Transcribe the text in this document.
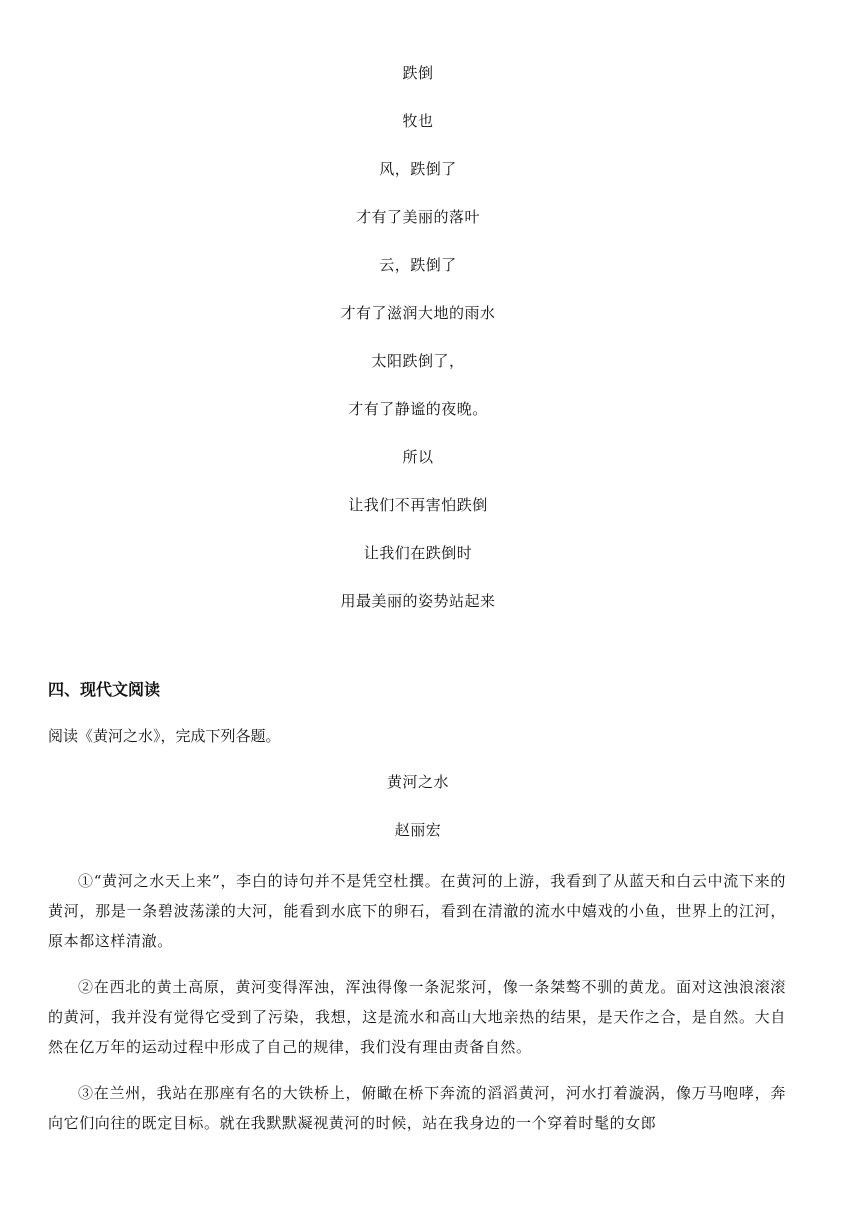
跌倒
牧也
风，跌倒了
才有了美丽的落叶
云，跌倒了
才有了滋润大地的雨水
太阳跌倒了，
才有了静谧的夜晚。
所以
让我们不再害怕跌倒
让我们在跌倒时
用最美丽的姿势站起来
四、现代文阅读
阅读《黄河之水》，完成下列各题。
黄河之水
赵丽宏

①“黄河之水天上来”，李白的诗句并不是凭空杜撰。在黄河的上游，我看到了从蓝天和白云中流下来的黄河，那是一条碧波荡漾的大河，能看到水底下的卵石，看到在清澈的流水中嬉戏的小鱼，世界上的江河，原本都这样清澈。

②在西北的黄土高原，黄河变得浑浊，浑浊得像一条泥浆河，像一条桀骜不驯的黄龙。面对这浊浪滚滚的黄河，我并没有觉得它受到了污染，我想，这是流水和高山大地亲热的结果，是天作之合，是自然。大自然在亿万年的运动过程中形成了自己的规律，我们没有理由责备自然。

③在兰州，我站在那座有名的大铁桥上，俯瞰在桥下奔流的滔滔黄河，河水打着漩涡，像万马咆哮，奔向它们向往的既定目标。就在我默默凝视黄河的时候，站在我身边的一个穿着时髦的女郎
